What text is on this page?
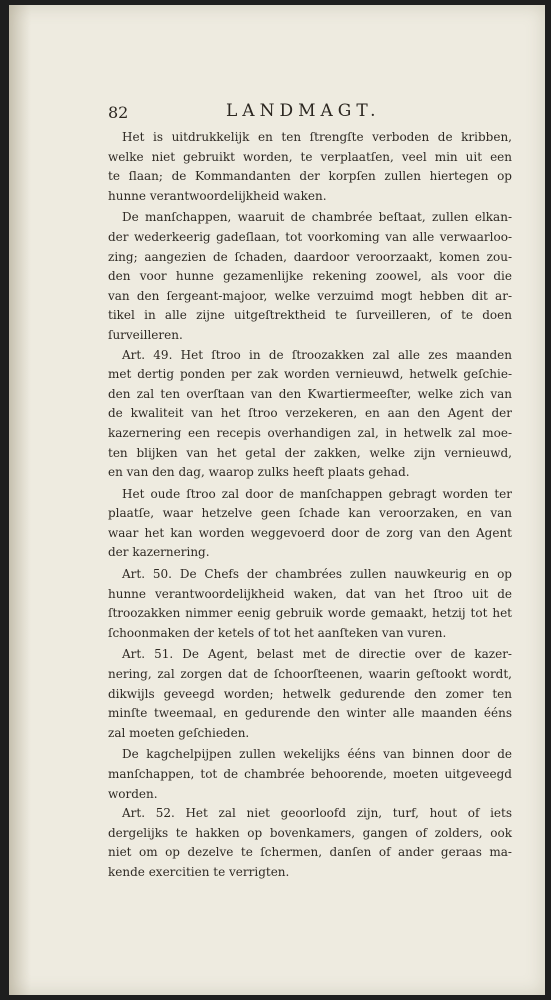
82	LANDMAGT.
Het is uitdrukkelijk en ten ſtrengſte verboden de kribben,
welke niet gebruikt worden, te verplaatſen, veel min uit een
te ſlaan; de Kommandanten der korpſen zullen hiertegen op
hunne verantwoordelijkheid waken.
De manſchappen, waaruit de chambrée beſtaat, zullen elkan-
der wederkeerig gadeſlaan, tot voorkoming van alle verwaarloo-
zing; aangezien de ſchaden, daardoor veroorzaakt, komen zou-
den voor hunne gezamenlijke rekening zoowel, als voor die
van den ſergeant-majoor, welke verzuimd mogt hebben dit ar-
tikel in alle zijne uitgeſtrektheid te ſurveilleren, of te doen
ſurveilleren.
Art. 49. Het ſtroo in de ſtroozakken zal alle zes maanden
met dertig ponden per zak worden vernieuwd, hetwelk geſchie-
den zal ten overſtaan van den Kwartiermeeſter, welke zich van
de kwaliteit van het ſtroo verzekeren, en aan den Agent der
kazernering een recepis overhandigen zal, in hetwelk zal moe-
ten blijken van het getal der zakken, welke zijn vernieuwd,
en van den dag, waarop zulks heeft plaats gehad.
Het oude ſtroo zal door de manſchappen gebragt worden ter
plaatſe, waar hetzelve geen ſchade kan veroorzaken, en van
waar het kan worden weggevoerd door de zorg van den Agent
der kazernering.
Art. 50. De Chefs der chambrées zullen nauwkeurig en op
hunne verantwoordelijkheid waken, dat van het ſtroo uit de
ſtroozakken nimmer eenig gebruik worde gemaakt, hetzij tot het
ſchoonmaken der ketels of tot het aanſteken van vuren.
Art. 51. De Agent, belast met de directie over de kazer-
nering, zal zorgen dat de ſchoorſteenen, waarin geſtookt wordt,
dikwijls geveegd worden; hetwelk gedurende den zomer ten
minſte tweemaal, en gedurende den winter alle maanden ééns
zal moeten geſchieden.
De kagchelpijpen zullen wekelijks ééns van binnen door de
manſchappen, tot de chambrée behoorende, moeten uitgeveegd
worden.
Art. 52. Het zal niet geoorloofd zijn, turf, hout of iets
dergelijks te hakken op bovenkamers, gangen of zolders, ook
niet om op dezelve te ſchermen, danſen of ander geraas ma-
kende exercitien te verrigten.
